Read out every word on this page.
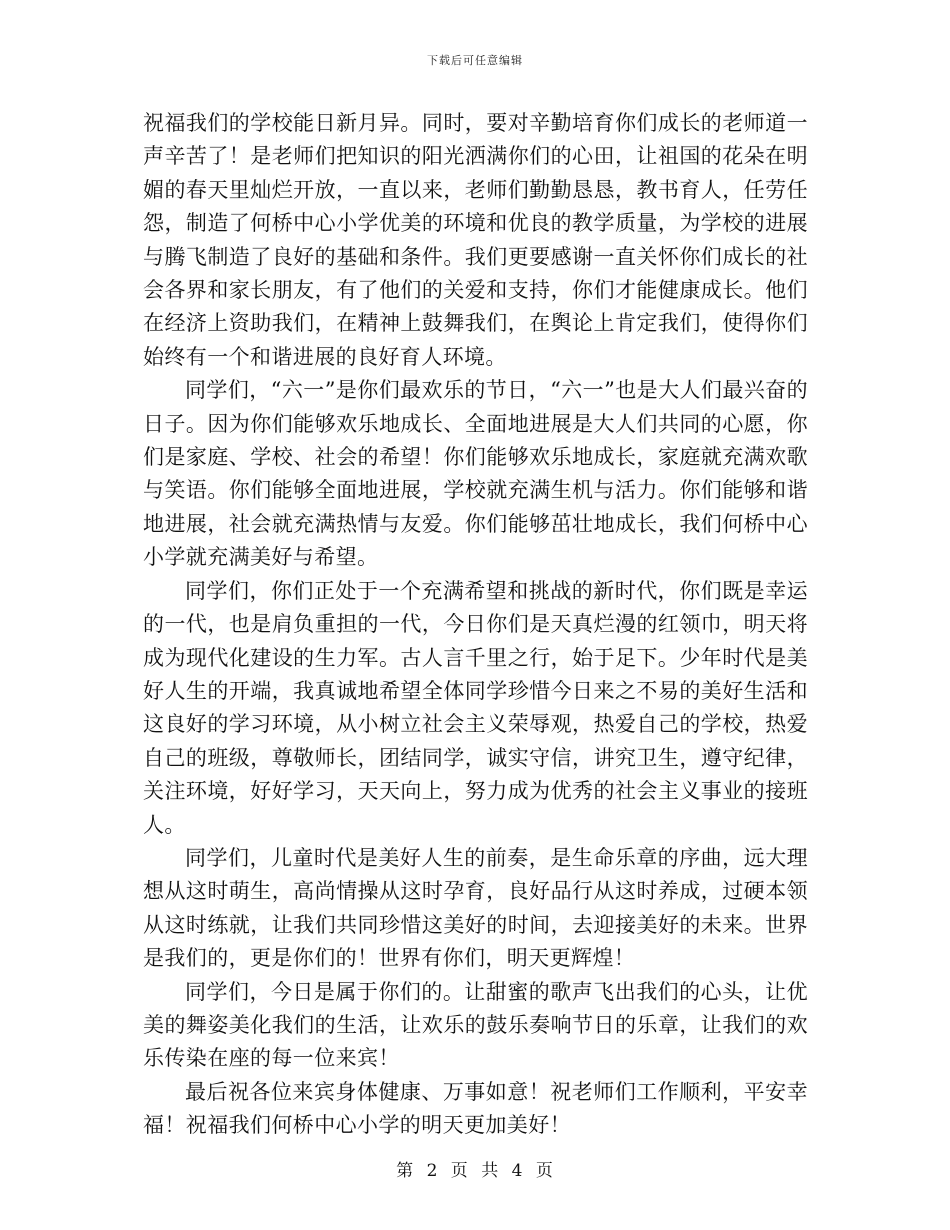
下载后可任意编辑

祝福我们的学校能日新月异。同时，要对辛勤培育你们成长的老师道一声辛苦了！是老师们把知识的阳光洒满你们的心田，让祖国的花朵在明媚的春天里灿烂开放，一直以来，老师们勤勤恳恳，教书育人，任劳任怨，制造了何桥中心小学优美的环境和优良的教学质量，为学校的进展与腾飞制造了良好的基础和条件。我们更要感谢一直关怀你们成长的社会各界和家长朋友，有了他们的关爱和支持，你们才能健康成长。他们在经济上资助我们，在精神上鼓舞我们，在舆论上肯定我们，使得你们始终有一个和谐进展的良好育人环境。

同学们，“六一”是你们最欢乐的节日，“六一”也是大人们最兴奋的日子。因为你们能够欢乐地成长、全面地进展是大人们共同的心愿，你们是家庭、学校、社会的希望！你们能够欢乐地成长，家庭就充满欢歌与笑语。你们能够全面地进展，学校就充满生机与活力。你们能够和谐地进展，社会就充满热情与友爱。你们能够茁壮地成长，我们何桥中心小学就充满美好与希望。

同学们，你们正处于一个充满希望和挑战的新时代，你们既是幸运的一代，也是肩负重担的一代，今日你们是天真烂漫的红领巾，明天将成为现代化建设的生力军。古人言千里之行，始于足下。少年时代是美好人生的开端，我真诚地希望全体同学珍惜今日来之不易的美好生活和这良好的学习环境，从小树立社会主义荣辱观，热爱自己的学校，热爱自己的班级，尊敬师长，团结同学，诚实守信，讲究卫生，遵守纪律，关注环境，好好学习，天天向上，努力成为优秀的社会主义事业的接班人。

同学们，儿童时代是美好人生的前奏，是生命乐章的序曲，远大理想从这时萌生，高尚情操从这时孕育，良好品行从这时养成，过硬本领从这时练就，让我们共同珍惜这美好的时间，去迎接美好的未来。世界是我们的，更是你们的！世界有你们，明天更辉煌！

同学们，今日是属于你们的。让甜蜜的歌声飞出我们的心头，让优美的舞姿美化我们的生活，让欢乐的鼓乐奏响节日的乐章，让我们的欢乐传染在座的每一位来宾！

最后祝各位来宾身体健康、万事如意！祝老师们工作顺利，平安幸福！祝福我们何桥中心小学的明天更加美好！

第 2 页 共 4 页
